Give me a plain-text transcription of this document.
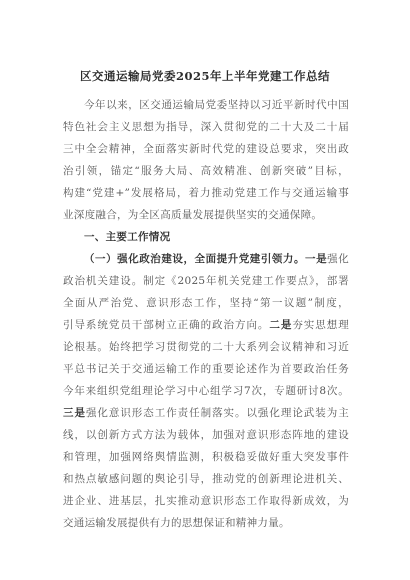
区交通运输局党委2025年上半年党建工作总结
今年以来，区交通运输局党委坚持以习近平新时代中国
特色社会主义思想为指导，深入贯彻党的二十大及二十届
三中全会精神，全面落实新时代党的建设总要求，突出政
治引领，锚定“服务大局、高效精准、创新突破”目标，
构建“党建+”发展格局，着力推动党建工作与交通运输事
业深度融合，为全区高质量发展提供坚实的交通保障。
一、主要工作情况
（一）强化政治建设，全面提升党建引领力。一是强化
政治机关建设。制定《2025年机关党建工作要点》，部署
全面从严治党、意识形态工作，坚持“第一议题”制度，
引导系统党员干部树立正确的政治方向。二是夯实思想理
论根基。始终把学习贯彻党的二十大系列会议精神和习近
平总书记关于交通运输工作的重要论述作为首要政治任务
今年来组织党组理论学习中心组学习7次，专题研讨8次。
三是强化意识形态工作责任制落实。以强化理论武装为主
线，以创新方式方法为载体，加强对意识形态阵地的建设
和管理，加强网络舆情监测，积极稳妥做好重大突发事件
和热点敏感问题的舆论引导，推动党的创新理论进机关、
进企业、进基层，扎实推动意识形态工作取得新成效，为
交通运输发展提供有力的思想保证和精神力量。
